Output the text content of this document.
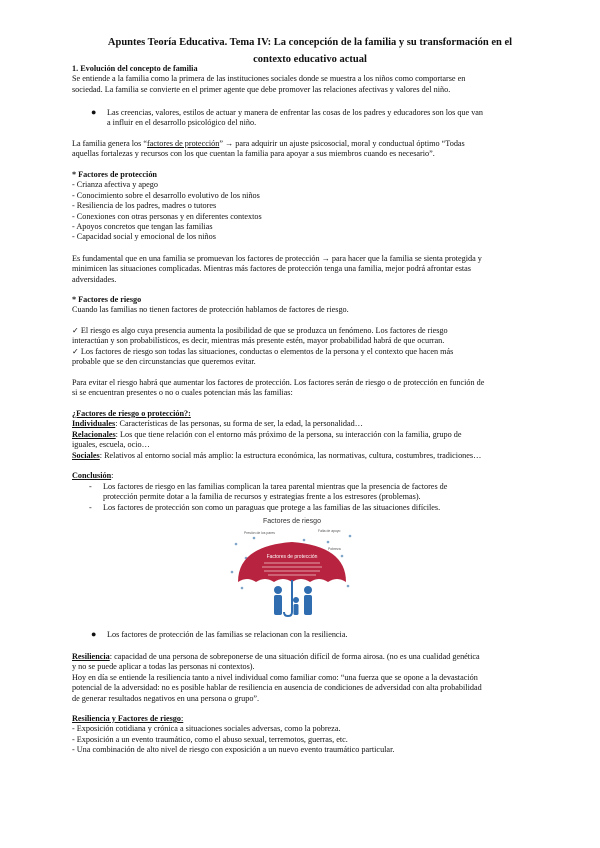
Apuntes Teoría Educativa. Tema IV: La concepción de la familia y su transformación en el
contexto educativo actual
1. Evolución del concepto de familia
Se entiende a la familia como la primera de las instituciones sociales donde se muestra a los niños como comportarse en
sociedad. La familia se convierte en el primer agente que debe promover las relaciones afectivas y valores del niño.
● Las creencias, valores, estilos de actuar y manera de enfrentar las cosas de los padres y educadores son los que van
a influir en el desarrollo psicológico del niño.
La familia genera los “factores de protección” → para adquirir un ajuste psicosocial, moral y conductual óptimo “Todas
aquellas fortalezas y recursos con los que cuentan la familia para apoyar a sus miembros cuando es necesario”.
* Factores de protección
- Crianza afectiva y apego
- Conocimiento sobre el desarrollo evolutivo de los niños
- Resiliencia de los padres, madres o tutores
- Conexiones con otras personas y en diferentes contextos
- Apoyos concretos que tengan las familias
- Capacidad social y emocional de los niños
Es fundamental que en una familia se promuevan los factores de protección → para hacer que la familia se sienta protegida y
minimicen las situaciones complicadas. Mientras más factores de protección tenga una familia, mejor podrá afrontar estas
adversidades.
* Factores de riesgo
Cuando las familias no tienen factores de protección hablamos de factores de riesgo.
✓ El riesgo es algo cuya presencia aumenta la posibilidad de que se produzca un fenómeno. Los factores de riesgo
interactúan y son probabilísticos, es decir, mientras más presente estén, mayor probabilidad habrá de que ocurran.
✓ Los factores de riesgo son todas las situaciones, conductas o elementos de la persona y el contexto que hacen más
probable que se den circunstancias que queremos evitar.
Para evitar el riesgo habrá que aumentar los factores de protección. Los factores serán de riesgo o de protección en función de
si se encuentran presentes o no o cuales potencian más las familias:
¿Factores de riesgo o protección?:
Individuales: Características de las personas, su forma de ser, la edad, la personalidad…
Relacionales: Los que tiene relación con el entorno más próximo de la persona, su interacción con la familia, grupo de
iguales, escuela, ocio…
Sociales: Relativos al entorno social más amplio: la estructura económica, las normativas, cultura, costumbres, tradiciones…
Conclusión:
- Los factores de riesgo en las familias complican la tarea parental mientras que la presencia de factores de
protección permite dotar a la familia de recursos y estrategias frente a los estresores (problemas).
- Los factores de protección son como un paraguas que protege a las familias de las situaciones difíciles.
Factores de riesgo
Presión de los pares	Falta de apoyo
Pobreza
Factores de protección
● Los factores de protección de las familias se relacionan con la resiliencia.
Resiliencia: capacidad de una persona de sobreponerse de una situación difícil de forma airosa. (no es una cualidad genética
y no se puede aplicar a todas las personas ni contextos).
Hoy en día se entiende la resiliencia tanto a nivel individual como familiar como: “una fuerza que se opone a la devastación
potencial de la adversidad: no es posible hablar de resiliencia en ausencia de condiciones de adversidad con alta probabilidad
de generar resultados negativos en una persona o grupo”.
Resiliencia y Factores de riesgo:
- Exposición cotidiana y crónica a situaciones sociales adversas, como la pobreza.
- Exposición a un evento traumático, como el abuso sexual, terremotos, guerras, etc.
- Una combinación de alto nivel de riesgo con exposición a un nuevo evento traumático particular.
